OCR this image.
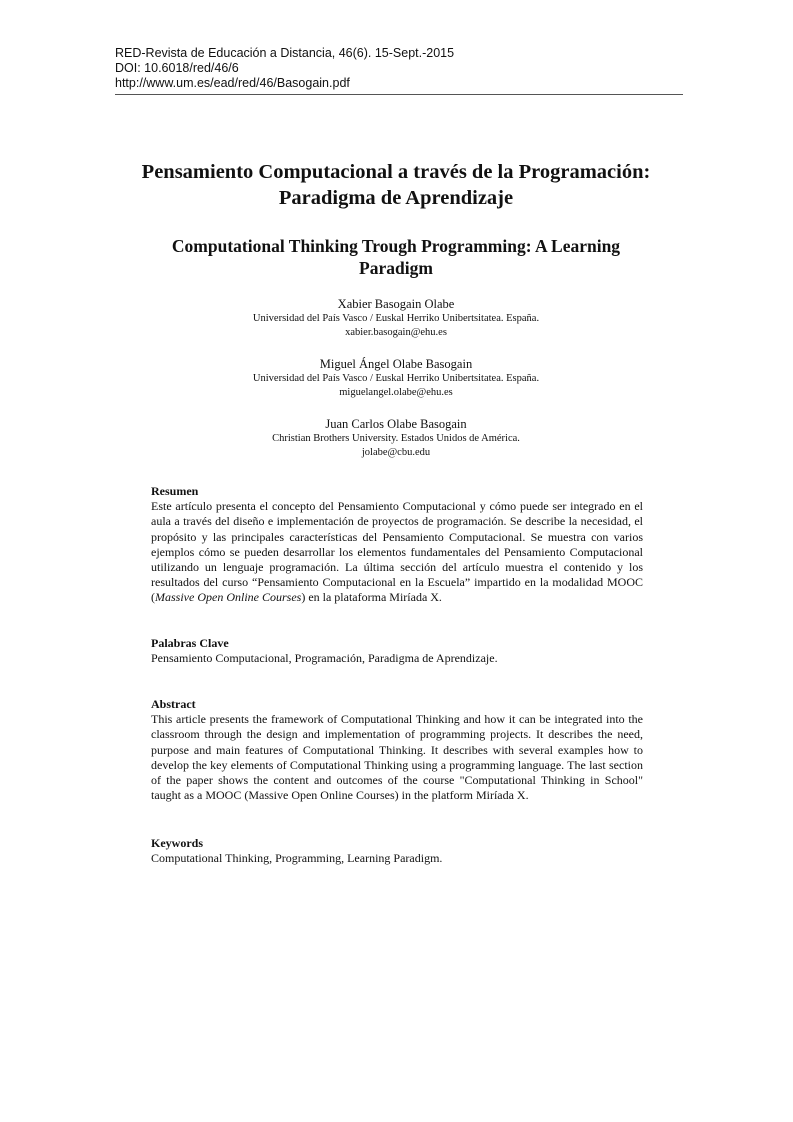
RED-Revista de Educación a Distancia, 46(6). 15-Sept.-2015
DOI: 10.6018/red/46/6
http://www.um.es/ead/red/46/Basogain.pdf
Pensamiento Computacional a través de la Programación:
Paradigma de Aprendizaje
Computational Thinking Trough Programming: A Learning
Paradigm
Xabier Basogain Olabe
Universidad del País Vasco / Euskal Herriko Unibertsitatea. España.
xabier.basogain@ehu.es
Miguel Ángel Olabe Basogain
Universidad del País Vasco / Euskal Herriko Unibertsitatea. España.
miguelangel.olabe@ehu.es
Juan Carlos Olabe Basogain
Christian Brothers University. Estados Unidos de América.
jolabe@cbu.edu
Resumen
Este artículo presenta el concepto del Pensamiento Computacional y cómo puede ser integrado en el aula a través del diseño e implementación de proyectos de programación. Se describe la necesidad, el propósito y las principales características del Pensamiento Computacional. Se muestra con varios ejemplos cómo se pueden desarrollar los elementos fundamentales del Pensamiento Computacional utilizando un lenguaje programación. La última sección del artículo muestra el contenido y los resultados del curso “Pensamiento Computacional en la Escuela” impartido en la modalidad MOOC (Massive Open Online Courses) en la plataforma Miríada X.
Palabras Clave
Pensamiento Computacional, Programación, Paradigma de Aprendizaje.
Abstract
This article presents the framework of Computational Thinking and how it can be integrated into the classroom through the design and implementation of programming projects. It describes the need, purpose and main features of Computational Thinking. It describes with several examples how to develop the key elements of Computational Thinking using a programming language. The last section of the paper shows the content and outcomes of the course "Computational Thinking in School" taught as a MOOC (Massive Open Online Courses) in the platform Miríada X.
Keywords
Computational Thinking, Programming, Learning Paradigm.
